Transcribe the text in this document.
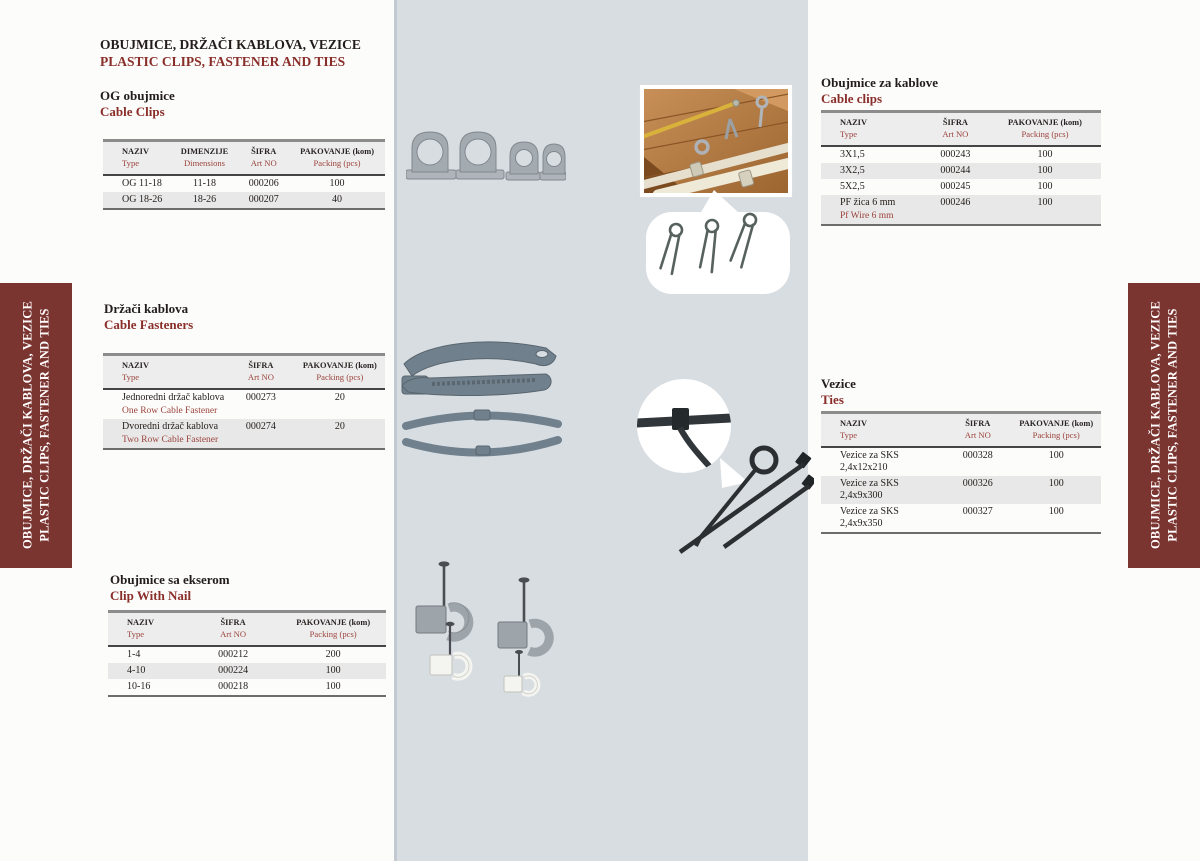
OBUJMICE, DRŽAČI KABLOVA, VEZICE PLASTIC CLIPS, FASTENER AND TIES	OBUJMICE, DRŽAČI KABLOVA, VEZICE PLASTIC CLIPS, FASTENER AND TIES
OBUJMICE, DRŽAČI KABLOVA, VEZICE
PLASTIC CLIPS, FASTENER AND TIES
OG obujmice
Cable Clips
NAZIV
Type

DIMENZIJE
Dimensions

ŠIFRA
Art NO

PAKOVANJE (kom)
Packing (pcs)

OG 11-18	11-18	000206	100
OG 18-26	18-26	000207	40
Držači kablova
Cable Fasteners
NAZIV
Type

ŠIFRA
Art NO

PAKOVANJE (kom)
Packing (pcs)

Jednoredni držač kablova
One Row Cable Fastener	000273	20

Dvoredni držač kablova
Two Row Cable Fastener	000274	20
Obujmice sa ekserom
Clip With Nail
NAZIV
Type

ŠIFRA
Art NO

PAKOVANJE (kom)
Packing (pcs)

1-4	000212	200
4-10	000224	100
10-16	000218	100
Obujmice za kablove
Cable clips
NAZIV
Type

ŠIFRA
Art NO

PAKOVANJE (kom)
Packing (pcs)

3X1,5	000243	100
3X2,5	000244	100
5X2,5	000245	100

PF žica 6 mm
Pf Wire 6 mm	000246	100
Vezice
Ties
NAZIV
Type

ŠIFRA
Art NO

PAKOVANJE (kom)
Packing (pcs)

Vezice za SKS 2,4x12x210	000328	100
Vezice za SKS 2,4x9x300	000326	100
Vezice za SKS 2,4x9x350	000327	100
